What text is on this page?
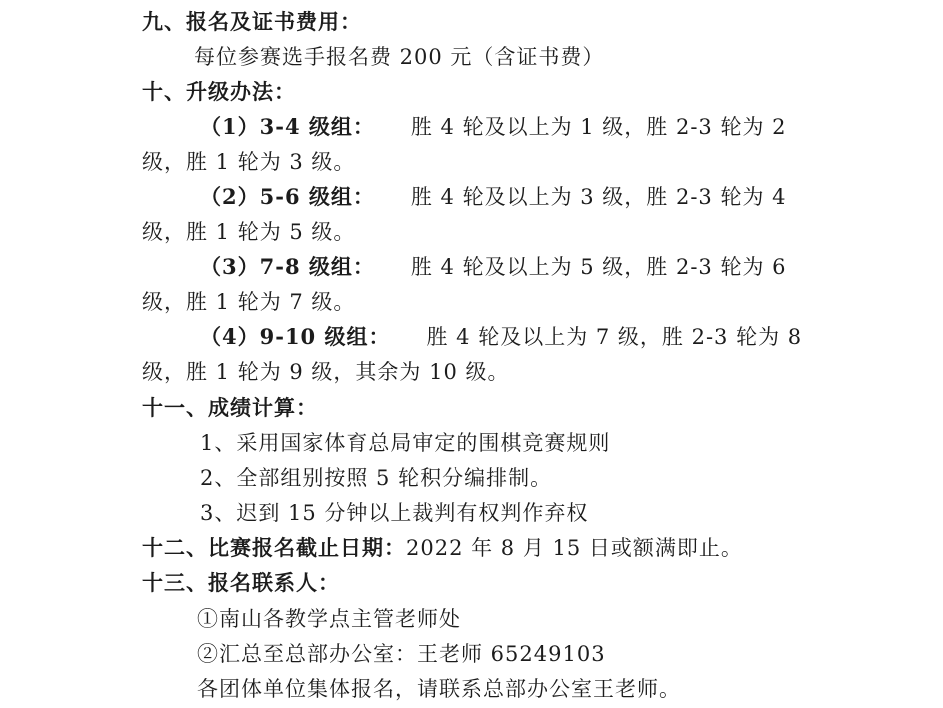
九、报名及证书费用：
每位参赛选手报名费 200 元（含证书费）
十、升级办法：
（1）3-4 级组： 胜 4 轮及以上为 1 级，胜 2-3 轮为 2
级，胜 1 轮为 3 级。
（2）5-6 级组： 胜 4 轮及以上为 3 级，胜 2-3 轮为 4
级，胜 1 轮为 5 级。
（3）7-8 级组： 胜 4 轮及以上为 5 级，胜 2-3 轮为 6
级，胜 1 轮为 7 级。
（4）9-10 级组： 胜 4 轮及以上为 7 级，胜 2-3 轮为 8
级，胜 1 轮为 9 级，其余为 10 级。
十一、成绩计算：
1、采用国家体育总局审定的围棋竞赛规则
2、全部组别按照 5 轮积分编排制。
3、迟到 15 分钟以上裁判有权判作弃权
十二、比赛报名截止日期：2022 年 8 月 15 日或额满即止。
十三、报名联系人：
①南山各教学点主管老师处
②汇总至总部办公室：王老师 65249103
各团体单位集体报名，请联系总部办公室王老师。
